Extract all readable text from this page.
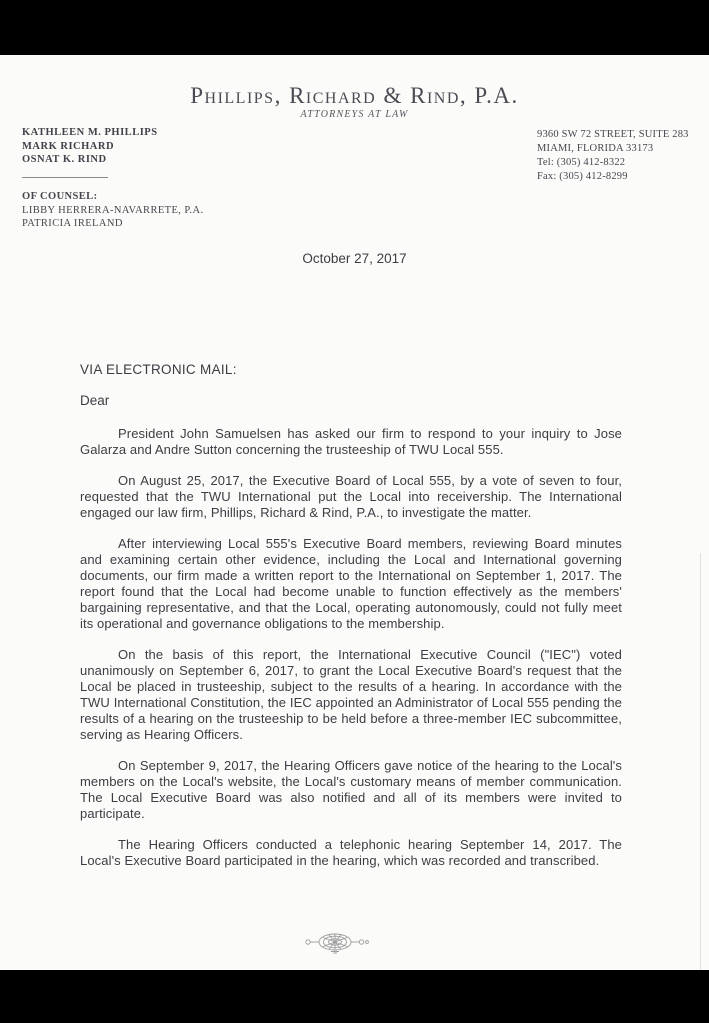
Phillips, Richard & Rind, P.A.
ATTORNEYS AT LAW
KATHLEEN M. PHILLIPS
MARK RICHARD
OSNAT K. RIND
OF COUNSEL:
LIBBY HERRERA-NAVARRETE, P.A.
PATRICIA IRELAND
9360 SW 72 STREET, SUITE 283
MIAMI, FLORIDA 33173
Tel: (305) 412-8322
Fax: (305) 412-8299
October 27, 2017
VIA ELECTRONIC MAIL:
Dear

President John Samuelsen has asked our firm to respond to your inquiry to Jose Galarza and Andre Sutton concerning the trusteeship of TWU Local 555.

On August 25, 2017, the Executive Board of Local 555, by a vote of seven to four, requested that the TWU International put the Local into receivership. The International engaged our law firm, Phillips, Richard & Rind, P.A., to investigate the matter.

After interviewing Local 555's Executive Board members, reviewing Board minutes and examining certain other evidence, including the Local and International governing documents, our firm made a written report to the International on September 1, 2017. The report found that the Local had become unable to function effectively as the members' bargaining representative, and that the Local, operating autonomously, could not fully meet its operational and governance obligations to the membership.

On the basis of this report, the International Executive Council ("IEC") voted unanimously on September 6, 2017, to grant the Local Executive Board's request that the Local be placed in trusteeship, subject to the results of a hearing. In accordance with the TWU International Constitution, the IEC appointed an Administrator of Local 555 pending the results of a hearing on the trusteeship to be held before a three-member IEC subcommittee, serving as Hearing Officers.

On September 9, 2017, the Hearing Officers gave notice of the hearing to the Local's members on the Local's website, the Local's customary means of member communication. The Local Executive Board was also notified and all of its members were invited to participate.

The Hearing Officers conducted a telephonic hearing September 14, 2017. The Local's Executive Board participated in the hearing, which was recorded and transcribed.
